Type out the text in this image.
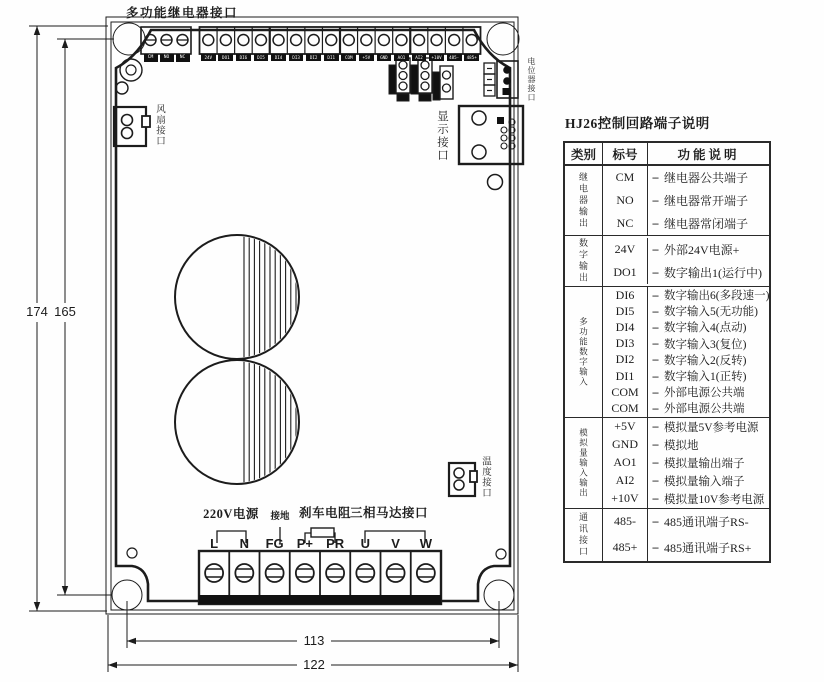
多功能继电器接口
风扇接口	显示接口
电位器接口
温度接口
220V电源	接地 刹车电阻 三相马达接口
174 165
113
122
24V	DO1	DI6	DI5	DI4	DI3	DI2	DI1	COM	+5V	GND	AO1	AI2	+10V	485-	485+
CM	NO	NC
L	N	FG P+ PR	U	V	W
HJ26控制回路端子说明
类别	标号	功能说明
继电器输出	CM	-- 继电器公共端子
NO	-- 继电器常开端子
NC	-- 继电器常闭端子
数字输出	24V	-- 外部24V电源+
DO1	-- 数字输出1(运行中)
多功能数字输入
DI6	-- 数字输出6(多段速一)
DI5	-- 数字输入5(无功能)
DI4	-- 数字输入4(点动)
DI3	-- 数字输入3(复位)
DI2	-- 数字输入2(反转)
DI1	-- 数字输入1(正转)
COM	-- 外部电源公共端
COM	-- 外部电源公共端
模拟量输入输出
+5V	-- 模拟量5V参考电源
GND	-- 模拟地
AO1	-- 模拟量输出端子
AI2	-- 模拟量输入端子
+10V	-- 模拟量10V参考电源
通讯接口	485-	-- 485通讯端子RS-
485+	-- 485通讯端子RS+
